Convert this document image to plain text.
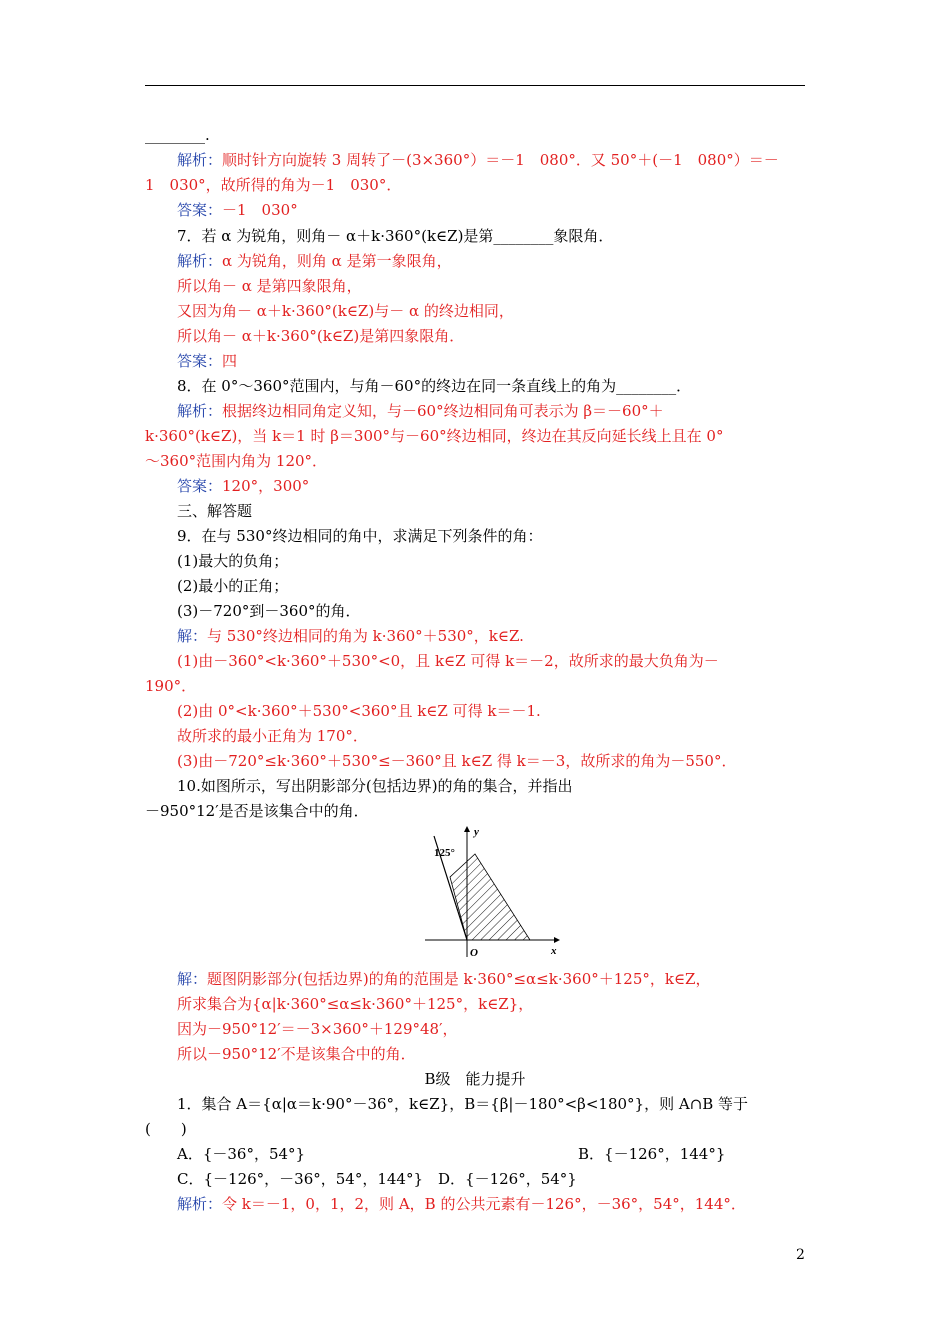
________.
解析：顺时针方向旋转 3 周转了－(3×360°）＝－1　080°．又 50°＋(－1　080°）＝－
1　030°，故所得的角为－1　030°．
答案：－1　030°
7．若 α 为锐角，则角－ α＋k·360°(k∈Z)是第________象限角．
解析：α 为锐角，则角 α 是第一象限角，
所以角－ α 是第四象限角，
又因为角－ α＋k·360°(k∈Z)与－ α 的终边相同，
所以角－ α＋k·360°(k∈Z)是第四象限角．
答案：四
8．在 0°～360°范围内，与角－60°的终边在同一条直线上的角为________．
解析：根据终边相同角定义知，与－60°终边相同角可表示为 β＝－60°＋
k·360°(k∈Z)，当 k＝1 时 β＝300°与－60°终边相同，终边在其反向延长线上且在 0°
～360°范围内角为 120°．
答案：120°，300°
三、解答题
9．在与 530°终边相同的角中，求满足下列条件的角：
(1)最大的负角；
(2)最小的正角；
(3)－720°到－360°的角．
解：与 530°终边相同的角为 k·360°＋530°，k∈Z.
(1)由－360°<k·360°＋530°<0，且 k∈Z 可得 k＝－2，故所求的最大负角为－
190°．
(2)由 0°<k·360°＋530°<360°且 k∈Z 可得 k＝－1.
故所求的最小正角为 170°．
(3)由－720°≤k·360°＋530°≤－360°且 k∈Z 得 k＝－3，故所求的角为－550°．
10.如图所示，写出阴影部分(包括边界)的角的集合，并指出
－950°12′是否是该集合中的角．
125°
y
x
O
解：题图阴影部分(包括边界)的角的范围是 k·360°≤α≤k·360°＋125°，k∈Z，
所求集合为{α|k·360°≤α≤k·360°＋125°，k∈Z}，
因为－950°12′＝－3×360°＋129°48′，
所以－950°12′不是该集合中的角．
B级　能力提升
1．集合 A＝{α|α＝k·90°－36°，k∈Z}，B＝{β|－180°<β<180°}，则 A∩B 等于
(　　)
A．{－36°，54°}	B．{－126°，144°}
C．{－126°，－36°，54°，144°}　D．{－126°，54°}
解析：令 k＝－1，0，1，2，则 A，B 的公共元素有－126°，－36°，54°，144°．
2
